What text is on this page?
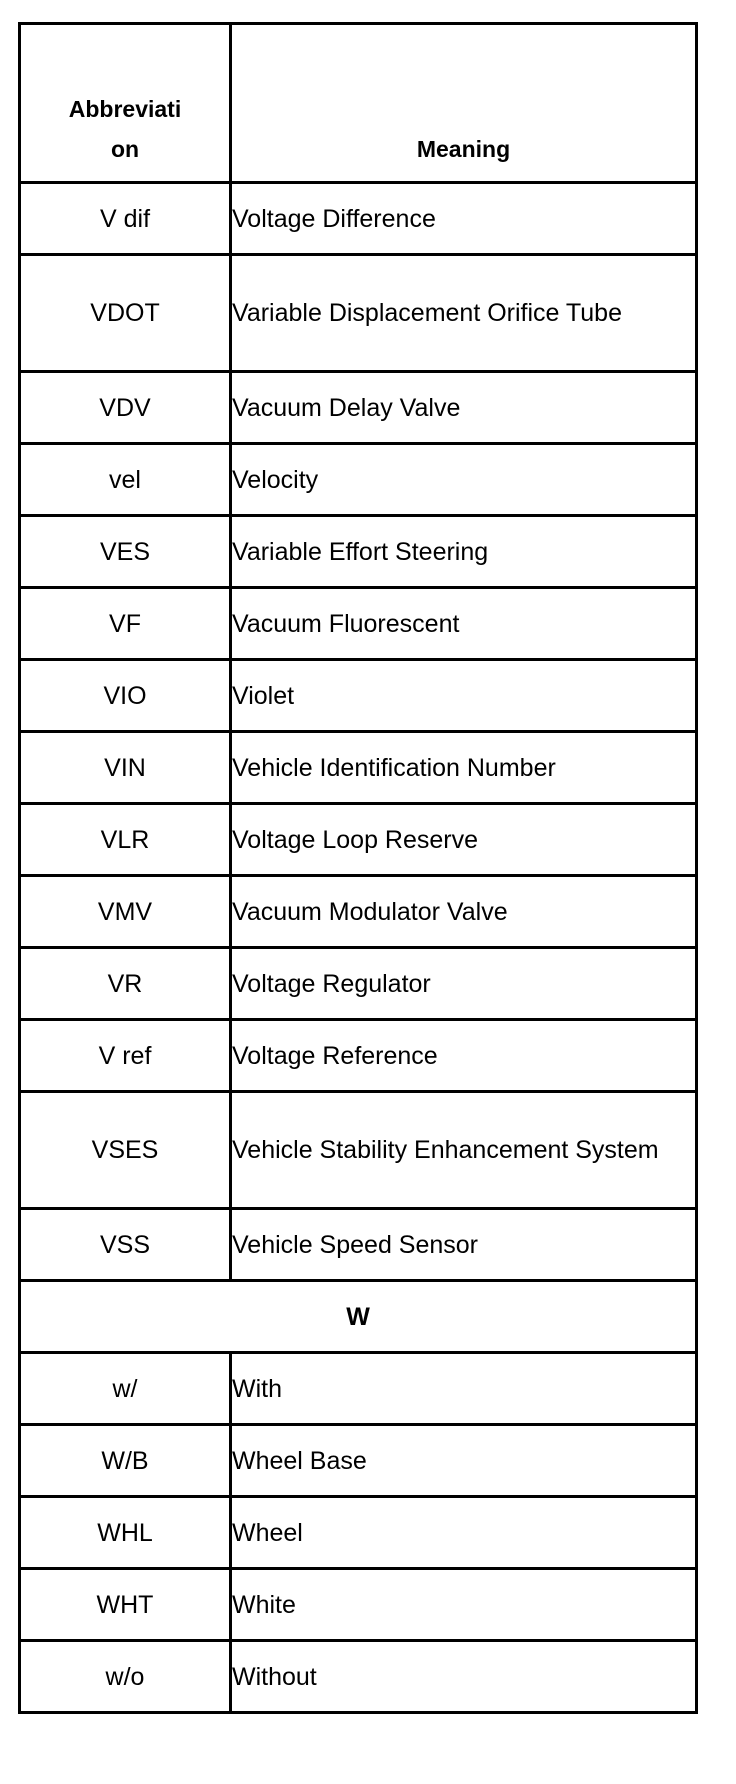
Abbreviati
on	Meaning
V dif	Voltage Difference
VDOT	Variable Displacement Orifice Tube
VDV	Vacuum Delay Valve
vel	Velocity
VES	Variable Effort Steering
VF	Vacuum Fluorescent
VIO	Violet
VIN	Vehicle Identification Number
VLR	Voltage Loop Reserve
VMV	Vacuum Modulator Valve
VR	Voltage Regulator
V ref	Voltage Reference
VSES	Vehicle Stability Enhancement System
VSS	Vehicle Speed Sensor
W	
w/	With
W/B	Wheel Base
WHL	Wheel
WHT	White
w/o	Without
